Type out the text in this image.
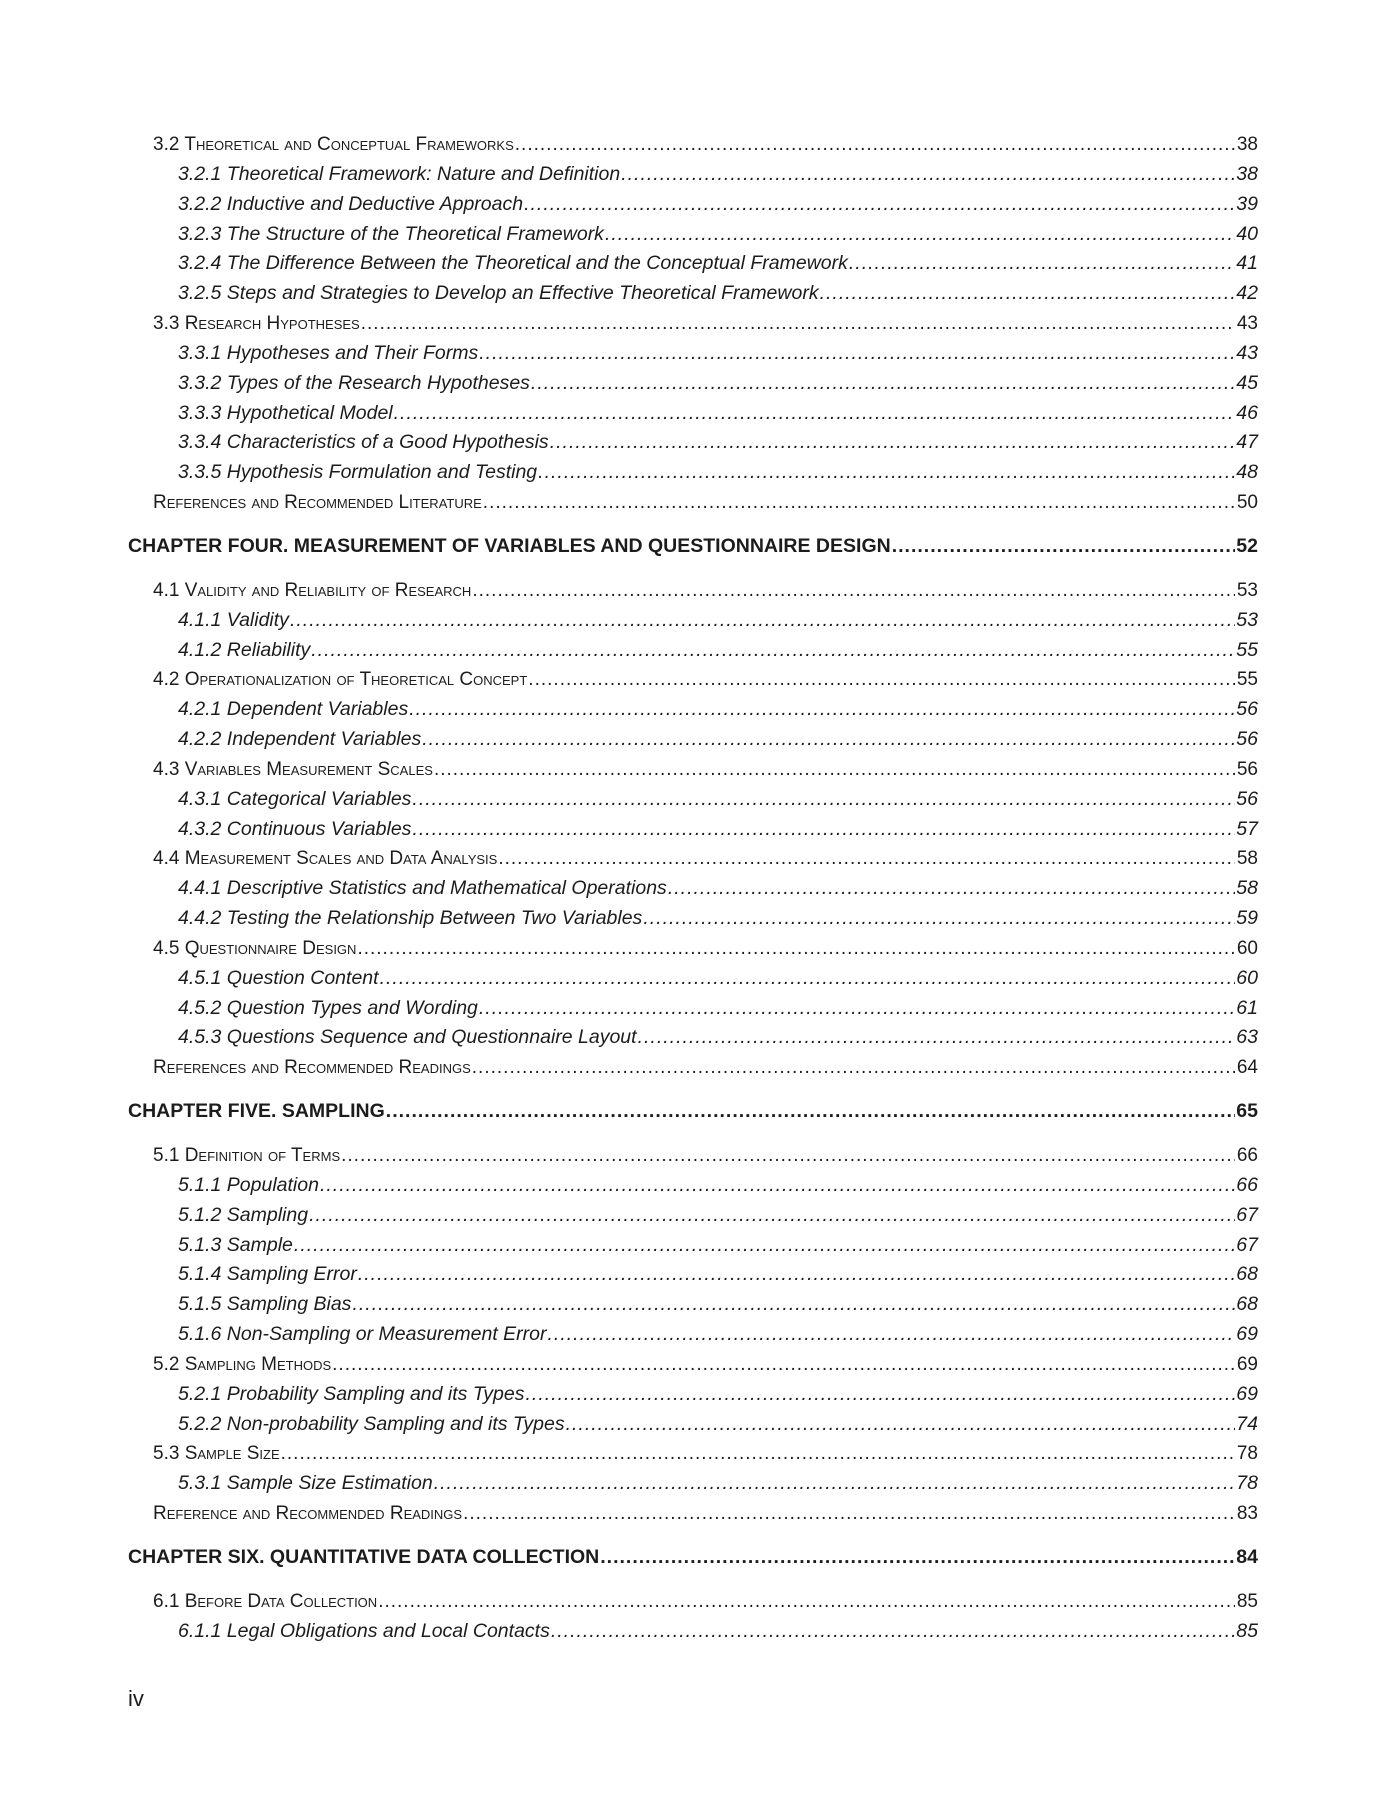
3.2 Theoretical and Conceptual Frameworks .....	38
3.2.1 Theoretical Framework: Nature and Definition .....	38
3.2.2 Inductive and Deductive Approach .....	39
3.2.3 The Structure of the Theoretical Framework .....	40
3.2.4 The Difference Between the Theoretical and the Conceptual Framework .....	41
3.2.5 Steps and Strategies to Develop an Effective Theoretical Framework .....	42
3.3 Research Hypotheses .....	43
3.3.1 Hypotheses and Their Forms .....	43
3.3.2 Types of the Research Hypotheses .....	45
3.3.3 Hypothetical Model .....	46
3.3.4 Characteristics of a Good Hypothesis .....	47
3.3.5 Hypothesis Formulation and Testing .....	48
References and Recommended Literature .....	50
CHAPTER FOUR. MEASUREMENT OF VARIABLES AND QUESTIONNAIRE DESIGN .....	52
4.1 Validity and Reliability of Research .....	53
4.1.1 Validity .....	53
4.1.2 Reliability .....	55
4.2 Operationalization of Theoretical Concept .....	55
4.2.1 Dependent Variables .....	56
4.2.2 Independent Variables .....	56
4.3 Variables Measurement Scales .....	56
4.3.1 Categorical Variables .....	56
4.3.2 Continuous Variables .....	57
4.4 Measurement Scales and Data Analysis .....	58
4.4.1 Descriptive Statistics and Mathematical Operations .....	58
4.4.2 Testing the Relationship Between Two Variables .....	59
4.5 Questionnaire Design .....	60
4.5.1 Question Content .....	60
4.5.2 Question Types and Wording .....	61
4.5.3 Questions Sequence and Questionnaire Layout .....	63
References and Recommended Readings .....	64
CHAPTER FIVE. SAMPLING .....	65
5.1 Definition of Terms .....	66
5.1.1 Population .....	66
5.1.2 Sampling .....	67
5.1.3 Sample .....	67
5.1.4 Sampling Error .....	68
5.1.5 Sampling Bias .....	68
5.1.6 Non-Sampling or Measurement Error .....	69
5.2 Sampling Methods .....	69
5.2.1 Probability Sampling and its Types .....	69
5.2.2 Non-probability Sampling and its Types .....	74
5.3 Sample Size .....	78
5.3.1 Sample Size Estimation .....	78
Reference and Recommended Readings .....	83
CHAPTER SIX. QUANTITATIVE DATA COLLECTION .....	84
6.1 Before Data Collection .....	85
6.1.1 Legal Obligations and Local Contacts .....	85
iv
